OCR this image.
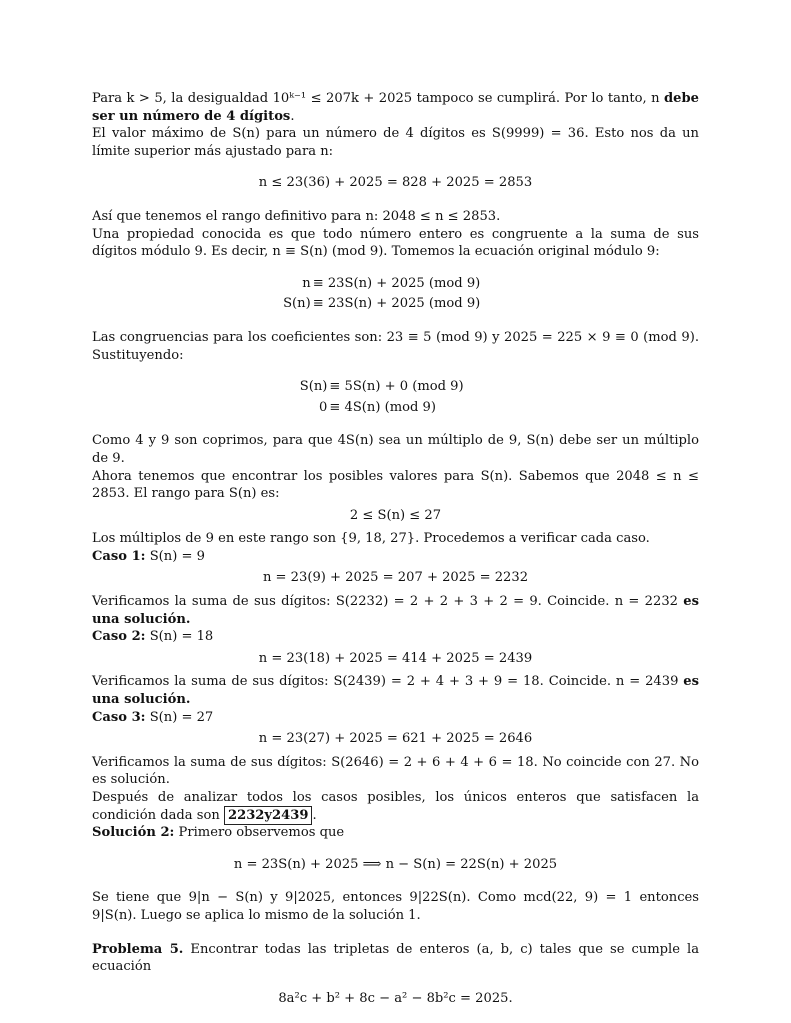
Para k > 5, la desigualdad 10ᵏ⁻¹ ≤ 207k + 2025 tampoco se cumplirá. Por lo tanto, n debe ser un número de 4 dígitos.

El valor máximo de S(n) para un número de 4 dígitos es S(9999) = 36. Esto nos da un límite superior más ajustado para n:

n ≤ 23(36) + 2025 = 828 + 2025 = 2853

Así que tenemos el rango definitivo para n: 2048 ≤ n ≤ 2853.

Una propiedad conocida es que todo número entero es congruente a la suma de sus dígitos módulo 9. Es decir, n ≡ S(n) (mod 9). Tomemos la ecuación original módulo 9:

n ≡ 23S(n) + 2025 (mod 9)
S(n) ≡ 23S(n) + 2025 (mod 9)

Las congruencias para los coeficientes son: 23 ≡ 5 (mod 9) y 2025 = 225 × 9 ≡ 0 (mod 9). Sustituyendo:

S(n) ≡ 5S(n) + 0 (mod 9)
0 ≡ 4S(n) (mod 9)

Como 4 y 9 son coprimos, para que 4S(n) sea un múltiplo de 9, S(n) debe ser un múltiplo de 9.

Ahora tenemos que encontrar los posibles valores para S(n). Sabemos que 2048 ≤ n ≤ 2853. El rango para S(n) es:

2 ≤ S(n) ≤ 27

Los múltiplos de 9 en este rango son {9, 18, 27}. Procedemos a verificar cada caso.

Caso 1: S(n) = 9

n = 23(9) + 2025 = 207 + 2025 = 2232

Verificamos la suma de sus dígitos: S(2232) = 2 + 2 + 3 + 2 = 9. Coincide. n = 2232 es una solución.

Caso 2: S(n) = 18

n = 23(18) + 2025 = 414 + 2025 = 2439

Verificamos la suma de sus dígitos: S(2439) = 2 + 4 + 3 + 9 = 18. Coincide. n = 2439 es una solución.

Caso 3: S(n) = 27

n = 23(27) + 2025 = 621 + 2025 = 2646

Verificamos la suma de sus dígitos: S(2646) = 2 + 6 + 4 + 6 = 18. No coincide con 27. No es solución.

Después de analizar todos los casos posibles, los únicos enteros que satisfacen la condición dada son 2232y2439 .

Solución 2: Primero observemos que

n = 23S(n) + 2025 ⟹ n − S(n) = 22S(n) + 2025

Se tiene que 9|n − S(n) y 9|2025, entonces 9|22S(n). Como mcd(22, 9) = 1 entonces 9|S(n). Luego se aplica lo mismo de la solución 1.

Problema 5. Encontrar todas las tripletas de enteros (a, b, c) tales que se cumple la ecuación

8a²c + b² + 8c − a² − 8b²c = 2025.
